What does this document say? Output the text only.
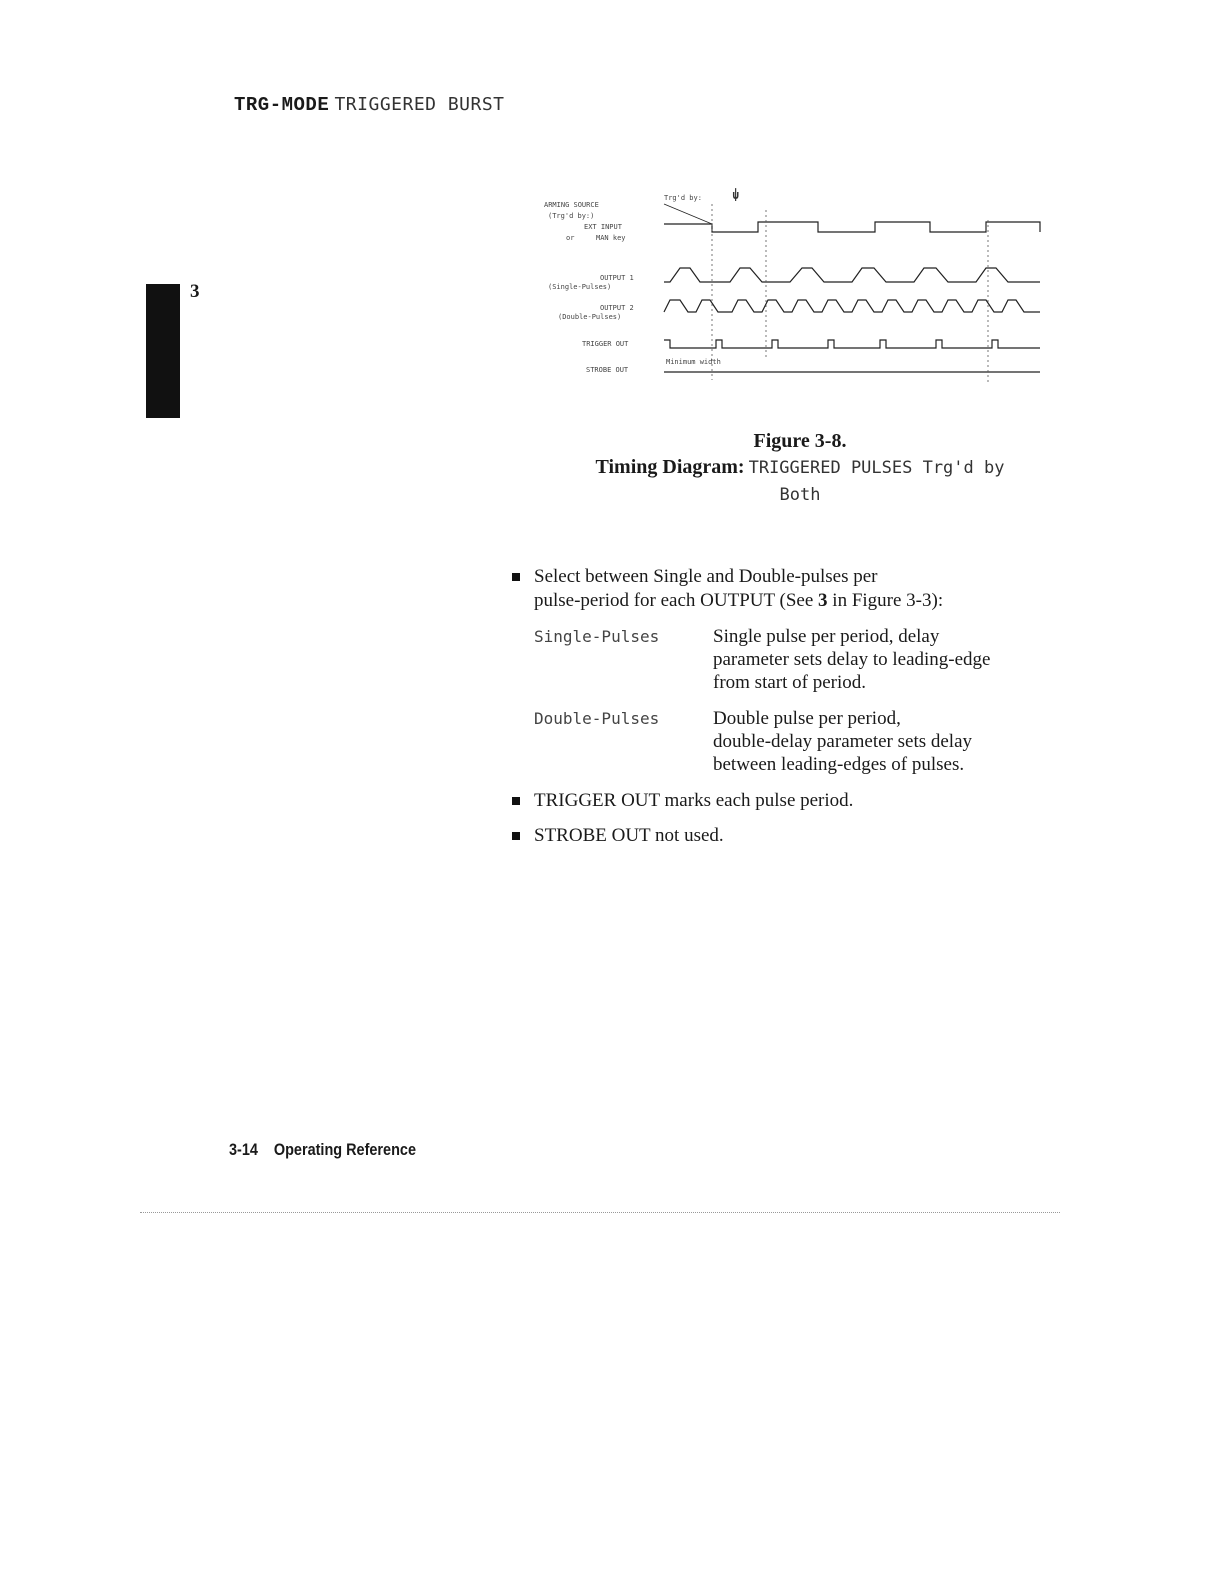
TRG-MODE TRIGGERED BURST
3
Trg'd by:
ARMING SOURCE
(Trg'd by:)
EXT INPUT
or	MAN key
OUTPUT 1
(Single-Pulses)
OUTPUT 2
(Double-Pulses)
TRIGGER OUT
STROBE OUT
Minimum width
⍦
Figure 3-8.
Timing Diagram: TRIGGERED PULSES Trg'd by
Both
Select between Single and Double-pulses per
pulse-period for each OUTPUT (See 3 in Figure 3-3):
Single-Pulses	Single pulse per period, delay
parameter sets delay to leading-edge
from start of period.
Double-Pulses	Double pulse per period,
double-delay parameter sets delay
between leading-edges of pulses.
TRIGGER OUT marks each pulse period.
STROBE OUT not used.
3-14 Operating Reference
